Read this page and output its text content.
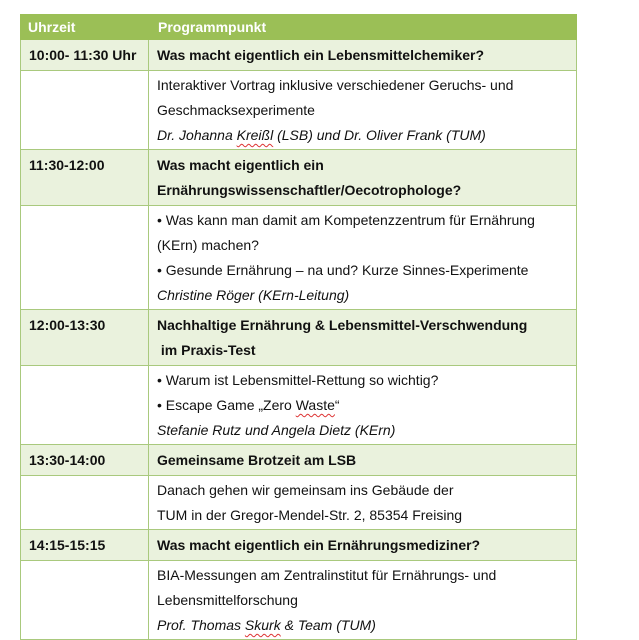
Uhrzeit	Programmpunkt
10:00- 11:30 Uhr	Was macht eigentlich ein Lebensmittelchemiker?
Interaktiver Vortrag inklusive verschiedener Geruchs- und
Geschmacksexperimente
Dr. Johanna Kreißl (LSB) und Dr. Oliver Frank (TUM)
11:30-12:00	Was macht eigentlich ein
Ernährungswissenschaftler/Oecotrophologe?
• Was kann man damit am Kompetenzzentrum für Ernährung
(KErn) machen?
• Gesunde Ernährung – na und? Kurze Sinnes-Experimente
Christine Röger (KErn-Leitung)
12:00-13:30	Nachhaltige Ernährung & Lebensmittel-Verschwendung
im Praxis-Test
• Warum ist Lebensmittel-Rettung so wichtig?
• Escape Game „Zero Waste“
Stefanie Rutz und Angela Dietz (KErn)
13:30-14:00	Gemeinsame Brotzeit am LSB
Danach gehen wir gemeinsam ins Gebäude der
TUM in der Gregor-Mendel-Str. 2, 85354 Freising
14:15-15:15	Was macht eigentlich ein Ernährungsmediziner?
BIA-Messungen am Zentralinstitut für Ernährungs- und
Lebensmittelforschung
Prof. Thomas Skurk & Team (TUM)
